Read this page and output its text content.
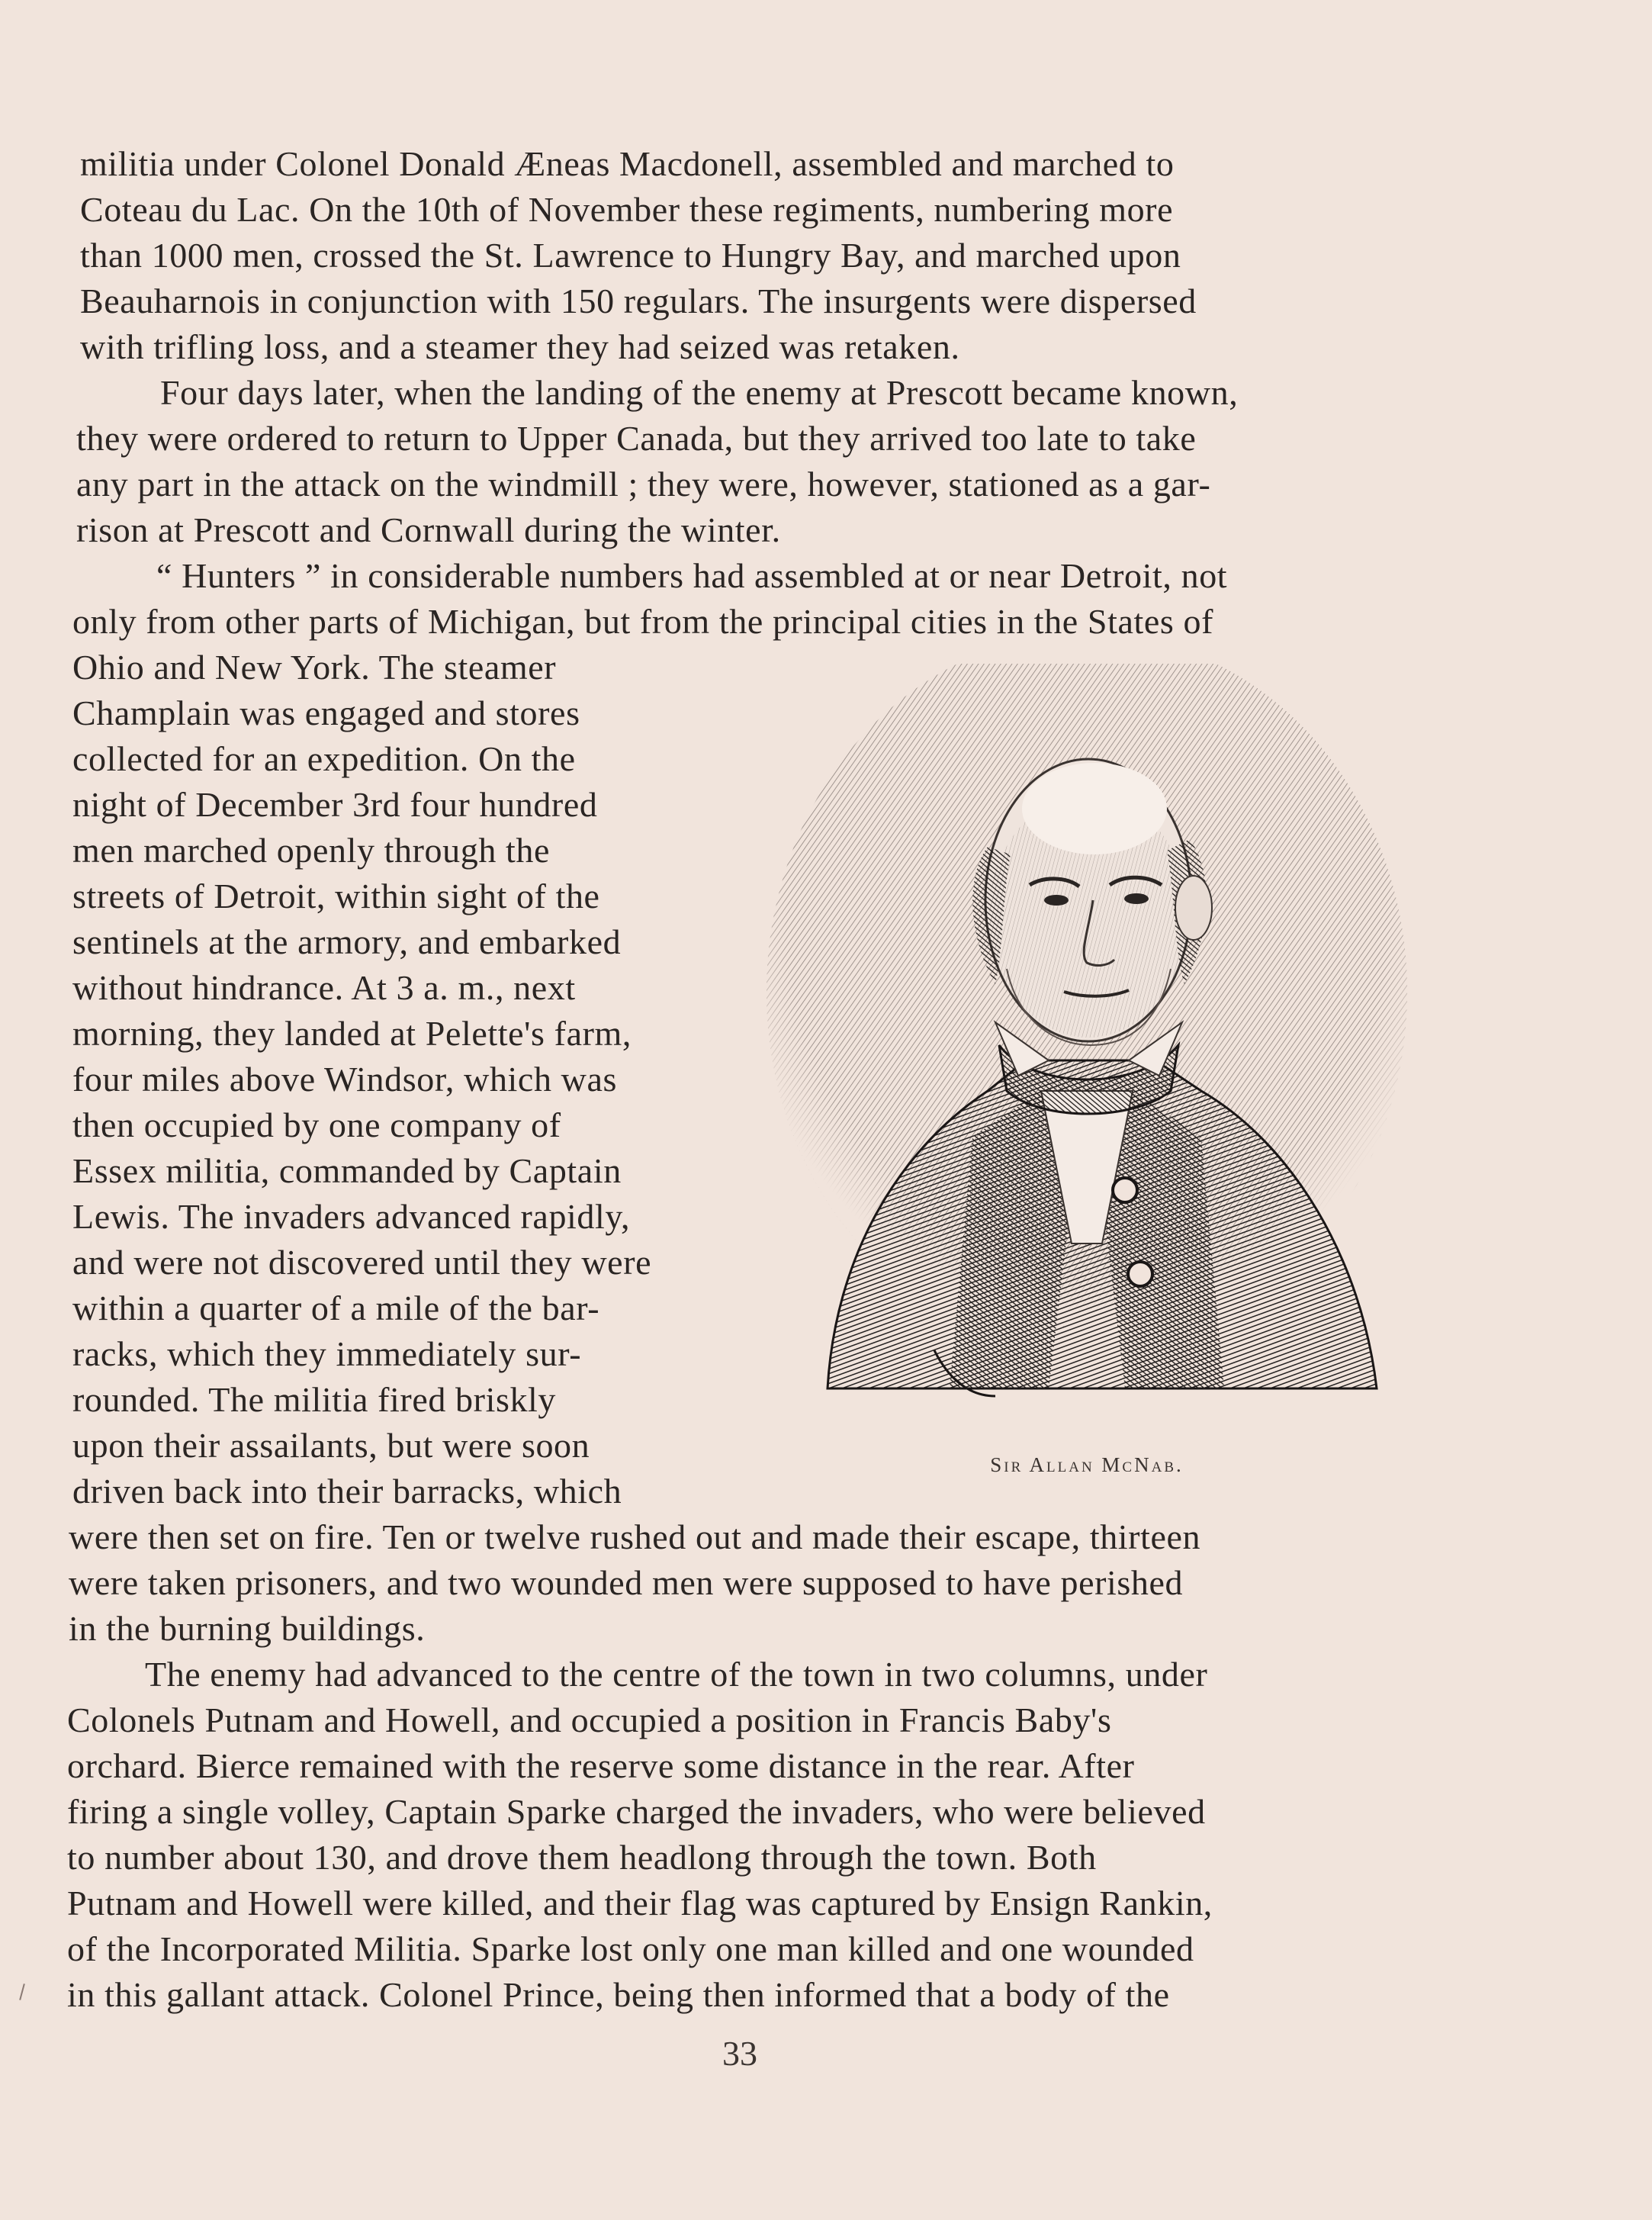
militia under Colonel Donald Æneas Macdonell, assembled and marched to
Coteau du Lac. On the 10th of November these regiments, numbering more
than 1000 men, crossed the St. Lawrence to Hungry Bay, and marched upon
Beauharnois in conjunction with 150 regulars. The insurgents were dispersed
with trifling loss, and a steamer they had seized was retaken.
Four days later, when the landing of the enemy at Prescott became known,
they were ordered to return to Upper Canada, but they arrived too late to take
any part in the attack on the windmill ; they were, however, stationed as a gar-
rison at Prescott and Cornwall during the winter.
“ Hunters ” in considerable numbers had assembled at or near Detroit, not
only from other parts of Michigan, but from the principal cities in the States of
Ohio and New York. The steamer
Champlain was engaged and stores
collected for an expedition. On the
night of December 3rd four hundred
men marched openly through the
streets of Detroit, within sight of the
sentinels at the armory, and embarked
without hindrance. At 3 a. m., next
morning, they landed at Pelette's farm,
four miles above Windsor, which was
then occupied by one company of
Essex militia, commanded by Captain
Lewis. The invaders advanced rapidly,
and were not discovered until they were
within a quarter of a mile of the bar-
racks, which they immediately sur-
rounded. The militia fired briskly
upon their assailants, but were soon
driven back into their barracks, which
were then set on fire. Ten or twelve rushed out and made their escape, thirteen
were taken prisoners, and two wounded men were supposed to have perished
in the burning buildings.
The enemy had advanced to the centre of the town in two columns, under
Colonels Putnam and Howell, and occupied a position in Francis Baby's
orchard. Bierce remained with the reserve some distance in the rear. After
firing a single volley, Captain Sparke charged the invaders, who were believed
to number about 130, and drove them headlong through the town. Both
Putnam and Howell were killed, and their flag was captured by Ensign Rankin,
of the Incorporated Militia. Sparke lost only one man killed and one wounded
in this gallant attack. Colonel Prince, being then informed that a body of the
Sir Allan McNab.
33
